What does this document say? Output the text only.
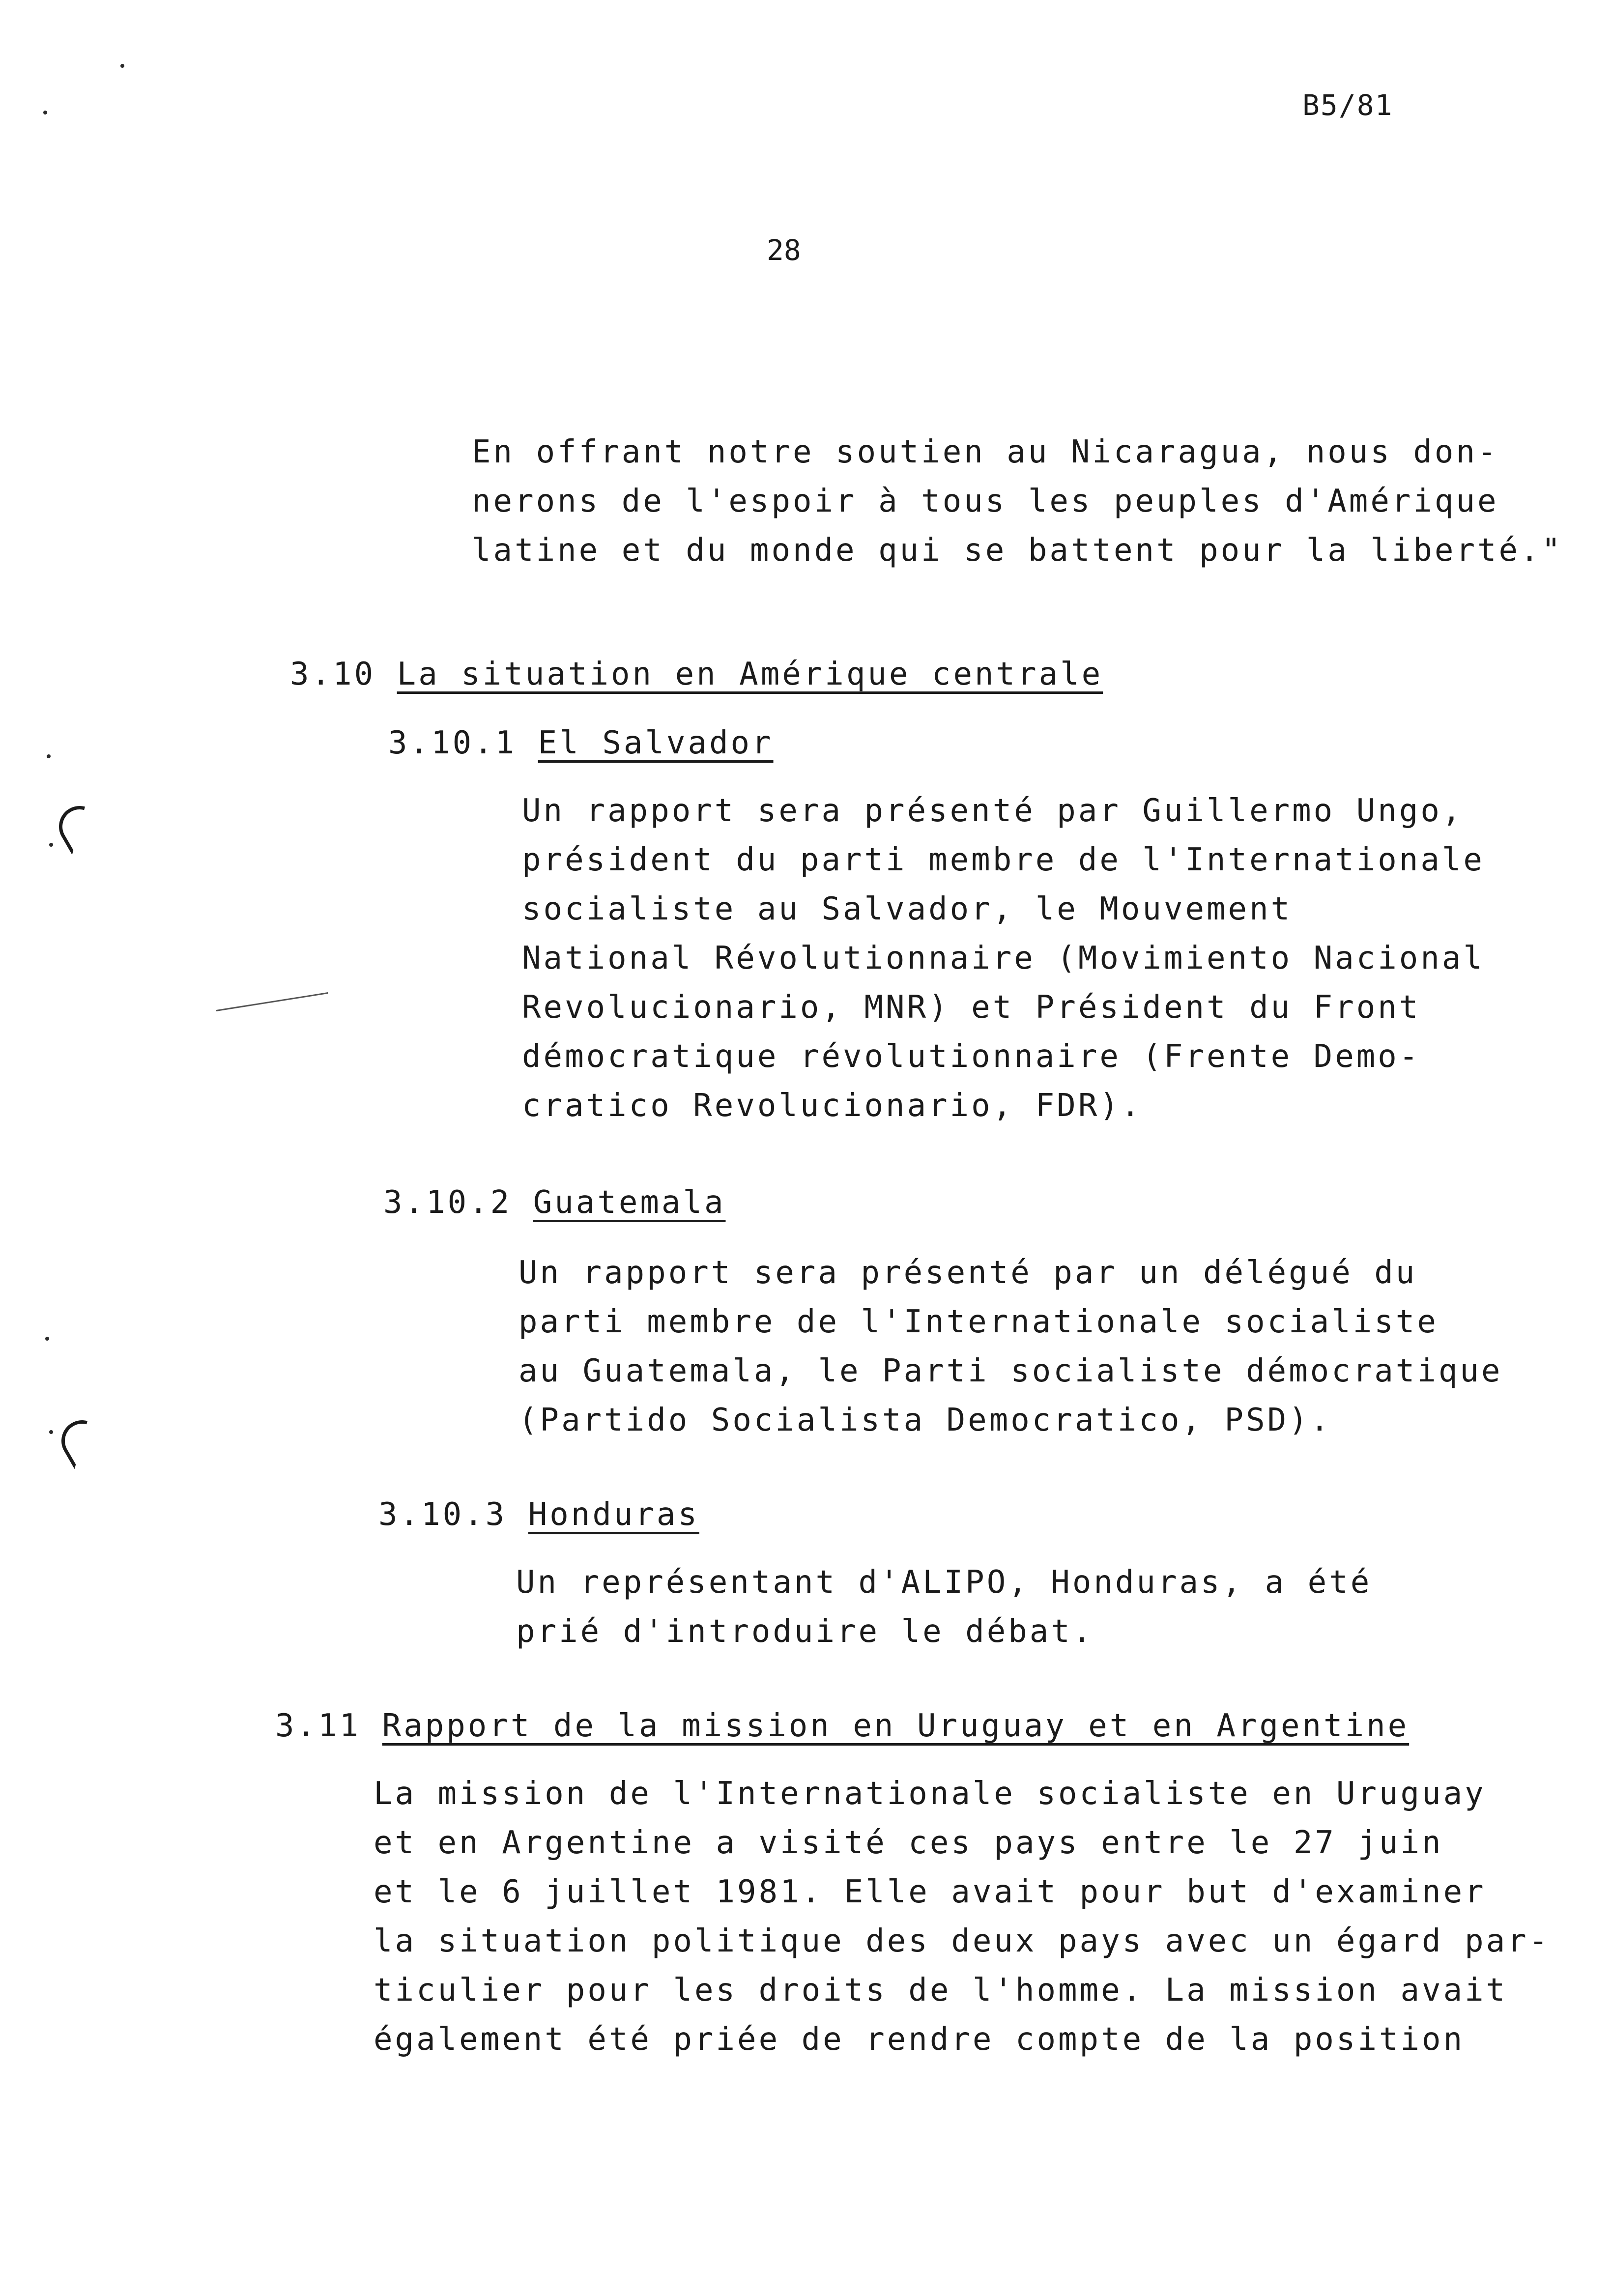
B5/81
28
En offrant notre soutien au Nicaragua, nous don-
nerons de l'espoir à tous les peuples d'Amérique
latine et du monde qui se battent pour la liberté."
3.10 La situation en Amérique centrale
3.10.1 El Salvador
Un rapport sera présenté par Guillermo Ungo,
président du parti membre de l'Internationale
socialiste au Salvador, le Mouvement
National Révolutionnaire (Movimiento Nacional
Revolucionario, MNR) et Président du Front
démocratique révolutionnaire (Frente Demo-
cratico Revolucionario, FDR).
3.10.2 Guatemala
Un rapport sera présenté par un délégué du
parti membre de l'Internationale socialiste
au Guatemala, le Parti socialiste démocratique
(Partido Socialista Democratico, PSD).
3.10.3 Honduras
Un représentant d'ALIPO, Honduras, a été
prié d'introduire le débat.
3.11 Rapport de la mission en Uruguay et en Argentine
La mission de l'Internationale socialiste en Uruguay
et en Argentine a visité ces pays entre le 27 juin
et le 6 juillet 1981. Elle avait pour but d'examiner
la situation politique des deux pays avec un égard par-
ticulier pour les droits de l'homme. La mission avait
également été priée de rendre compte de la position
